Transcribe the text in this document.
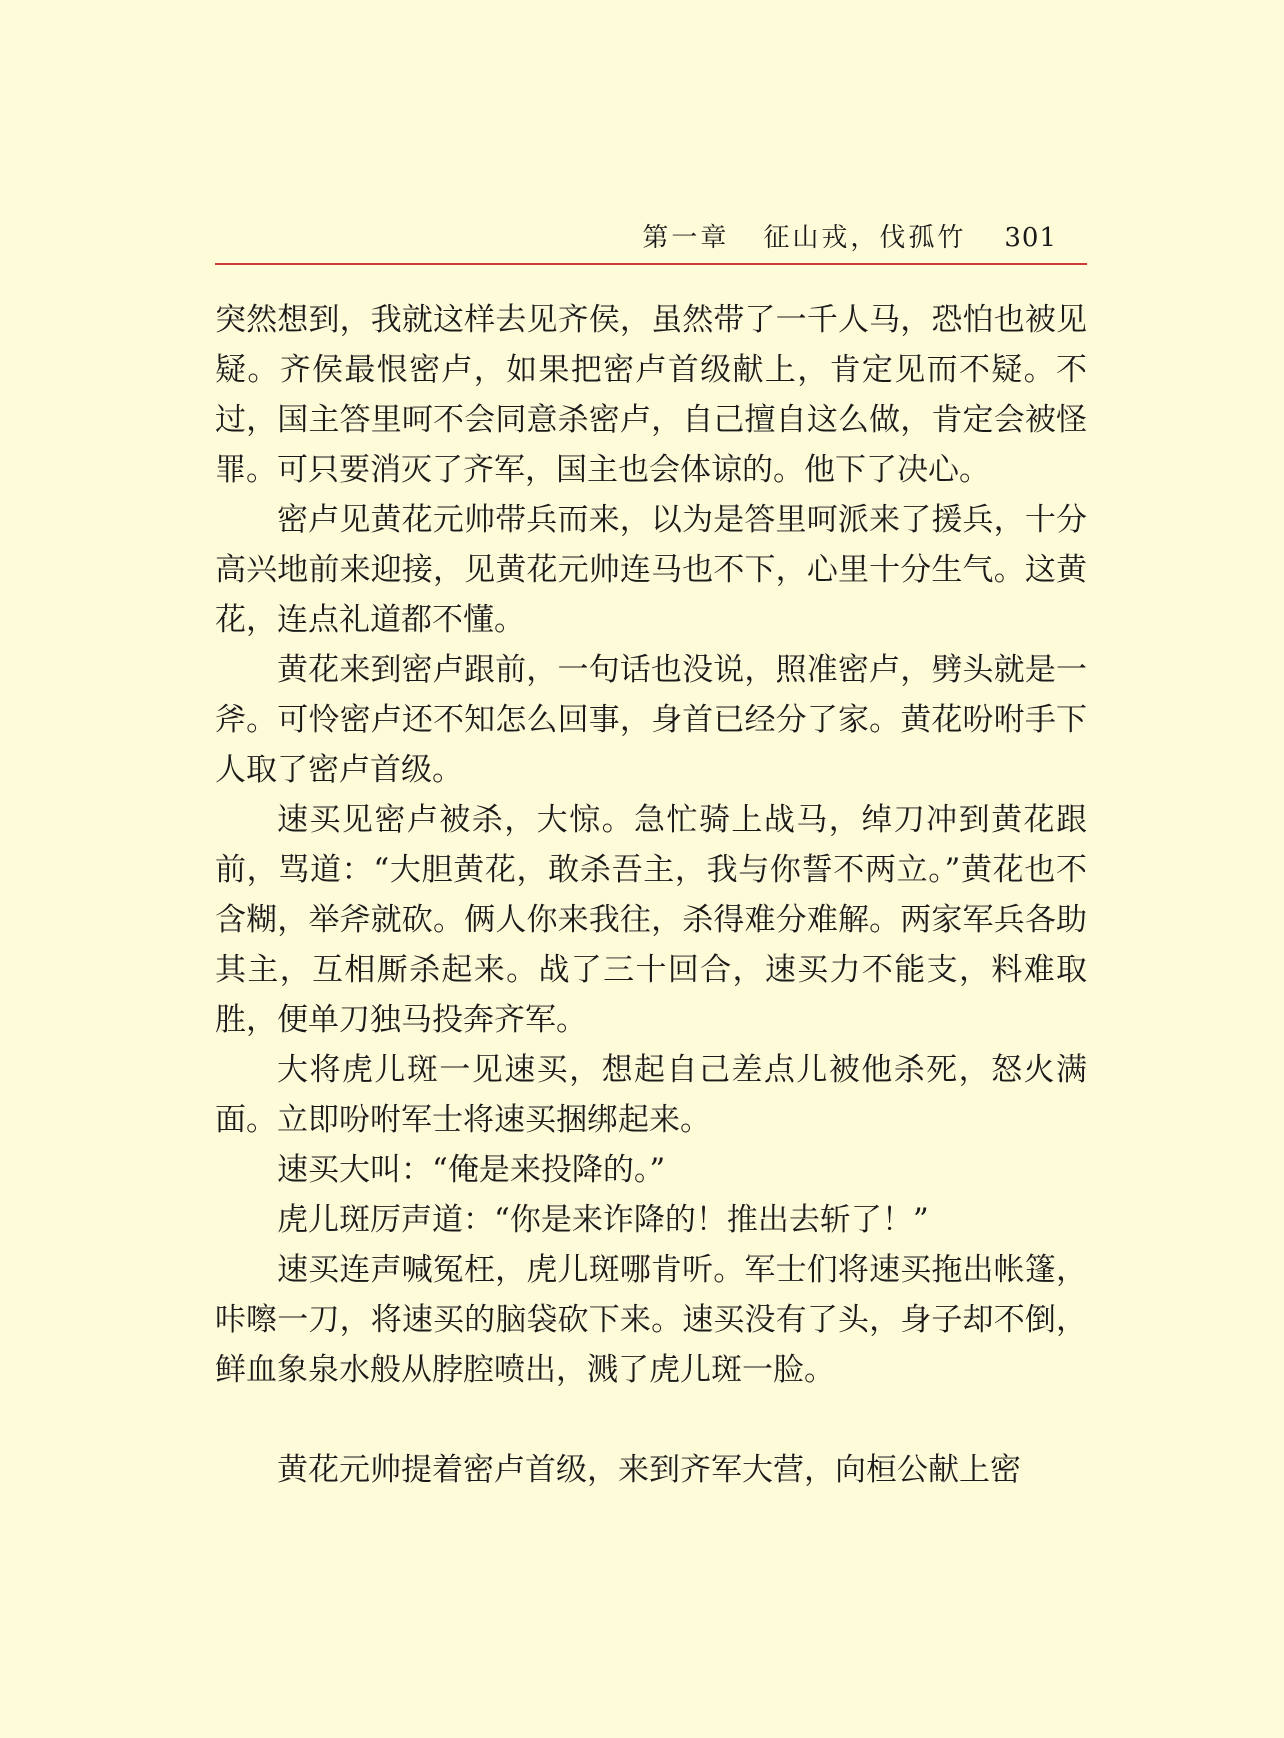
第一章 征山戎，伐孤竹 301

突然想到，我就这样去见齐侯，虽然带了一千人马，恐怕也被见疑。齐侯最恨密卢，如果把密卢首级献上，肯定见而不疑。不过，国主答里呵不会同意杀密卢，自己擅自这么做，肯定会被怪罪。可只要消灭了齐军，国主也会体谅的。他下了决心。

密卢见黄花元帅带兵而来，以为是答里呵派来了援兵，十分高兴地前来迎接，见黄花元帅连马也不下，心里十分生气。这黄花，连点礼道都不懂。

黄花来到密卢跟前，一句话也没说，照准密卢，劈头就是一斧。可怜密卢还不知怎么回事，身首已经分了家。黄花吩咐手下人取了密卢首级。

速买见密卢被杀，大惊。急忙骑上战马，绰刀冲到黄花跟前，骂道：“大胆黄花，敢杀吾主，我与你誓不两立。”黄花也不含糊，举斧就砍。俩人你来我往，杀得难分难解。两家军兵各助其主，互相厮杀起来。战了三十回合，速买力不能支，料难取胜，便单刀独马投奔齐军。

大将虎儿斑一见速买，想起自己差点儿被他杀死，怒火满面。立即吩咐军士将速买捆绑起来。

速买大叫：“俺是来投降的。”

虎儿斑厉声道：“你是来诈降的！推出去斩了！”

速买连声喊冤枉，虎儿斑哪肯听。军士们将速买拖出帐篷，咔嚓一刀，将速买的脑袋砍下来。速买没有了头，身子却不倒，鲜血象泉水般从脖腔喷出，溅了虎儿斑一脸。

黄花元帅提着密卢首级，来到齐军大营，向桓公献上密
